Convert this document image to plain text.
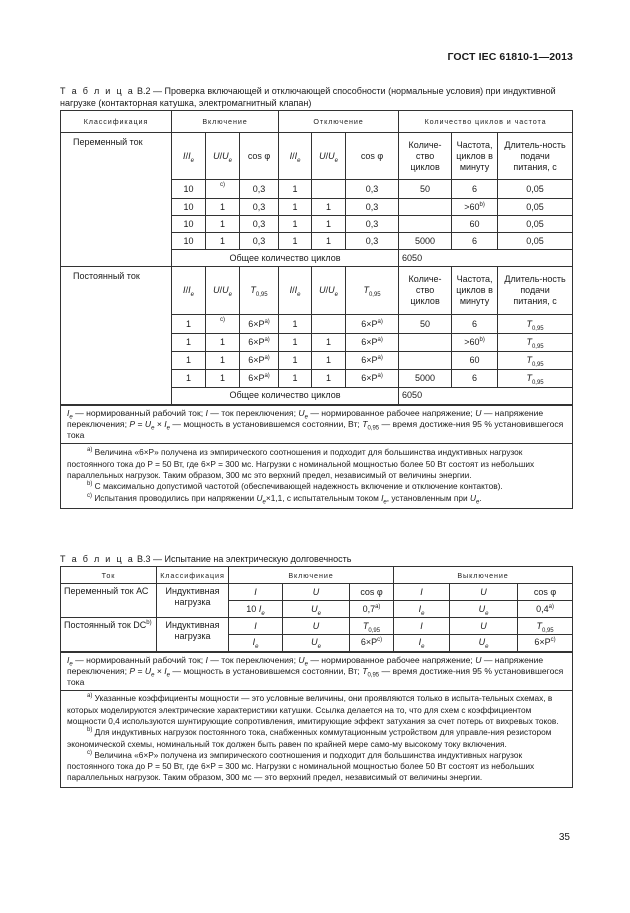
ГОСТ IEC 61810-1—2013
Т а б л и ц а В.2 — Проверка включающей и отключающей способности (нормальные условия) при индуктивной нагрузке (контакторная катушка, электромагнитный клапан)
Классификация	Включение			Отключение			Количество циклов и частота		
Переменный ток	$I/I_e$	$U/U_e$	cos φ	$I/I_e$	$U/U_e$	cos φ	Количе-ство циклов	Частота, циклов в минуту	Длитель-ность подачи питания, с
	10	c)	0,3	1		0,3	50	6	0,05
	10	1	0,3	1	1	0,3		$>60^{b)}$	0,05
	10	1	0,3	1	1	0,3		60	0,05
	10	1	0,3	1	1	0,3	5000	6	0,05
	Общее количество циклов						6050		
Постоянный ток	$I/I_e$	$U/U_e$	$T_{0,95}$	$I/I_e$	$U/U_e$	$T_{0,95}$	Количе-ство циклов	Частота, циклов в минуту	Длитель-ность подачи питания, с
	1	c)	$6\times P^{a)}$	1		$6\times P^{a)}$	50	6	$T_{0,95}$
	1	1	$6\times P^{a)}$	1	1	$6\times P^{a)}$		$>60^{b)}$	$T_{0,95}$
	1	1	$6\times P^{a)}$	1	1	$6\times P^{a)}$		60	$T_{0,95}$
	1	1	$6\times P^{a)}$	1	1	$6\times P^{a)}$	5000	6	$T_{0,95}$
	Общее количество циклов						6050		

$I_e$ — нормированный рабочий ток; I — ток переключения; $U_e$ — нормированное рабочее напряжение; U — напряжение переключения; $P = U_e \times I_e$ — мощность в установившемся состоянии, Вт; $T_{0,95}$ — время достиже-ния 95 % установившегося тока									

$^{a)}$ Величина «6×P» получена из эмпирического соотношения и подходит для большинства индуктивных нагрузок постоянного тока до P = 50 Вт, где 6×P = 300 мс. Нагрузки с номинальной мощностью более 50 Вт состоят из небольших параллельных нагрузок. Таким образом, 300 мс это верхний предел, независимый от величины энергии.

$^{b)}$ С максимально допустимой частотой (обеспечивающей надежность включение и отключение контактов).

$^{c)}$ Испытания проводились при напряжении $U_e\times 1,1$, с испытательным током $I_e$, установленным при $U_e$.									

Т а б л и ц а В.3 — Испытание на электрическую долговечность
Ток	Классификация	Включение			Выключение		
Переменный ток АС	Индуктивная нагрузка	I	U	cos φ	I	U	cos φ
		10 $I_e$	$U_e$	0,7$^{a)}$	$I_e$	$U_e$	0,4$^{a)}$
Постоянный ток DC$^{b)}$	Индуктивная нагрузка	I	U	$T_{0,95}$	I	U	$T_{0,95}$
		$I_e$	$U_e$	$6\times P^{c)}$	$I_e$	$U_e$	$6\times P^{c)}$

$I_e$ — нормированный рабочий ток; I — ток переключения; $U_e$ — нормированное рабочее напряжение; U — напряжение переключения; $P = U_e \times I_e$ — мощность в установившемся состоянии, Вт; $T_{0,95}$ — время достиже-ния 95 % установившегося тока							

$^{a)}$ Указанные коэффициенты мощности — это условные величины, они проявляются только в испыта-тельных схемах, в которых моделируются электрические характеристики катушки. Ссылка делается на то, что для схем с коэффициентом мощности 0,4 используются шунтирующие сопротивления, имитирующие эффект затухания за счет потерь от вихревых токов.

$^{b)}$ Для индуктивных нагрузок постоянного тока, снабженных коммутационным устройством для управле-ния резистором экономической схемы, номинальный ток должен быть равен по крайней мере само-му высокому току включения.

$^{c)}$ Величина «6×P» получена из эмпирического соотношения и подходит для большинства индуктивных нагрузок постоянного тока до P = 50 Вт, где 6×P = 300 мс. Нагрузки с номинальной мощностью более 50 Вт состоят из небольших параллельных нагрузок. Таким образом, 300 мс — это верхний предел, независимый от величины энергии.							

35
